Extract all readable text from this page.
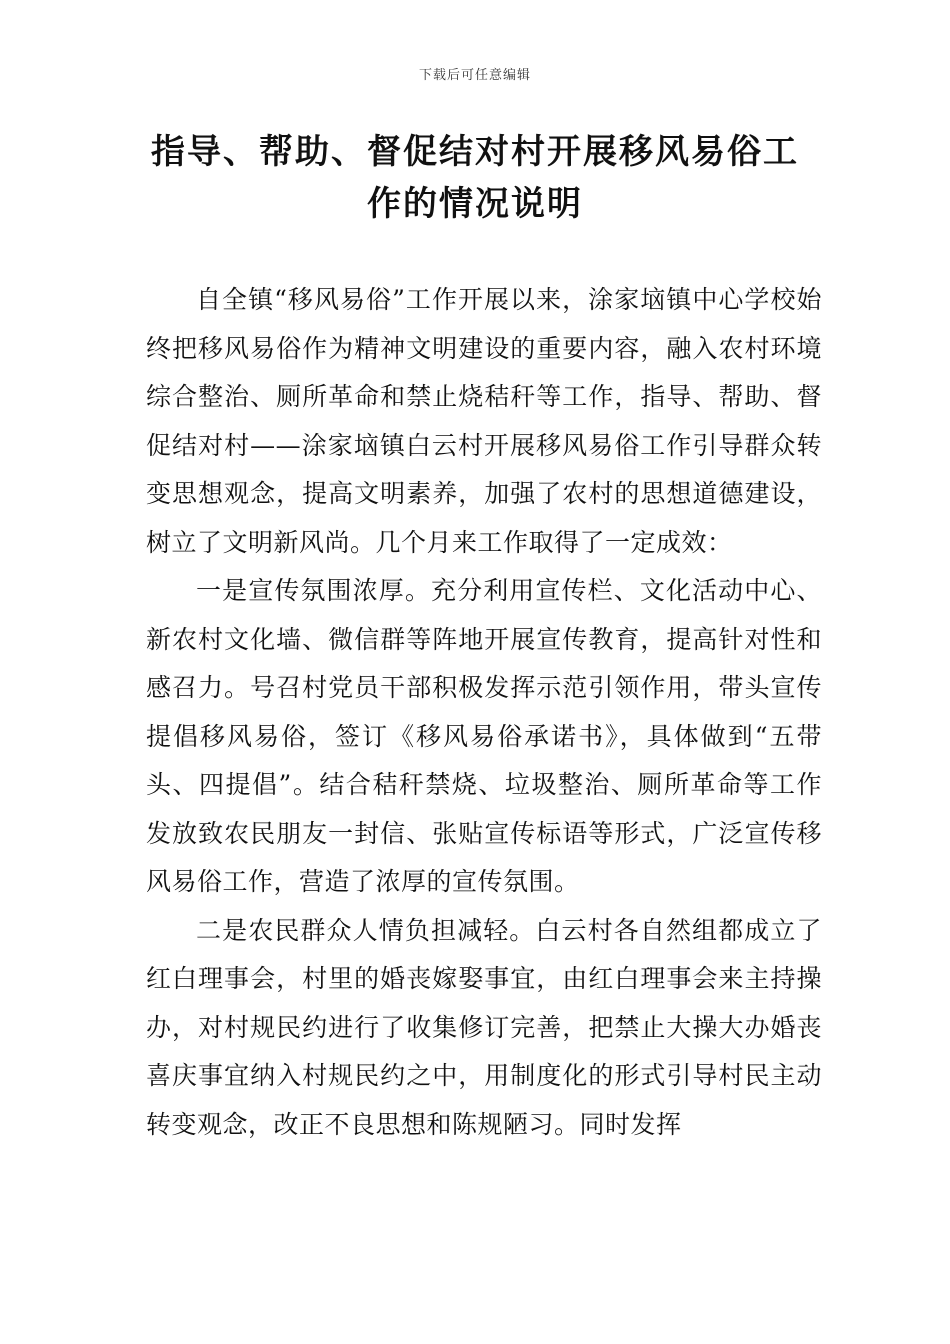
下载后可任意编辑
指导、帮助、督促结对村开展移风易俗工作的情况说明

自全镇“移风易俗”工作开展以来，涂家垴镇中心学校始终把移风易俗作为精神文明建设的重要内容，融入农村环境综合整治、厕所革命和禁止烧秸秆等工作，指导、帮助、督促结对村——涂家垴镇白云村开展移风易俗工作引导群众转变思想观念，提高文明素养，加强了农村的思想道德建设，树立了文明新风尚。几个月来工作取得了一定成效：

一是宣传氛围浓厚。充分利用宣传栏、文化活动中心、新农村文化墙、微信群等阵地开展宣传教育，提高针对性和感召力。号召村党员干部积极发挥示范引领作用，带头宣传提倡移风易俗，签订《移风易俗承诺书》，具体做到“五带头、四提倡”。结合秸秆禁烧、垃圾整治、厕所革命等工作发放致农民朋友一封信、张贴宣传标语等形式，广泛宣传移风易俗工作，营造了浓厚的宣传氛围。

二是农民群众人情负担减轻。白云村各自然组都成立了红白理事会，村里的婚丧嫁娶事宜，由红白理事会来主持操办，对村规民约进行了收集修订完善，把禁止大操大办婚丧喜庆事宜纳入村规民约之中，用制度化的形式引导村民主动转变观念，改正不良思想和陈规陋习。同时发挥
